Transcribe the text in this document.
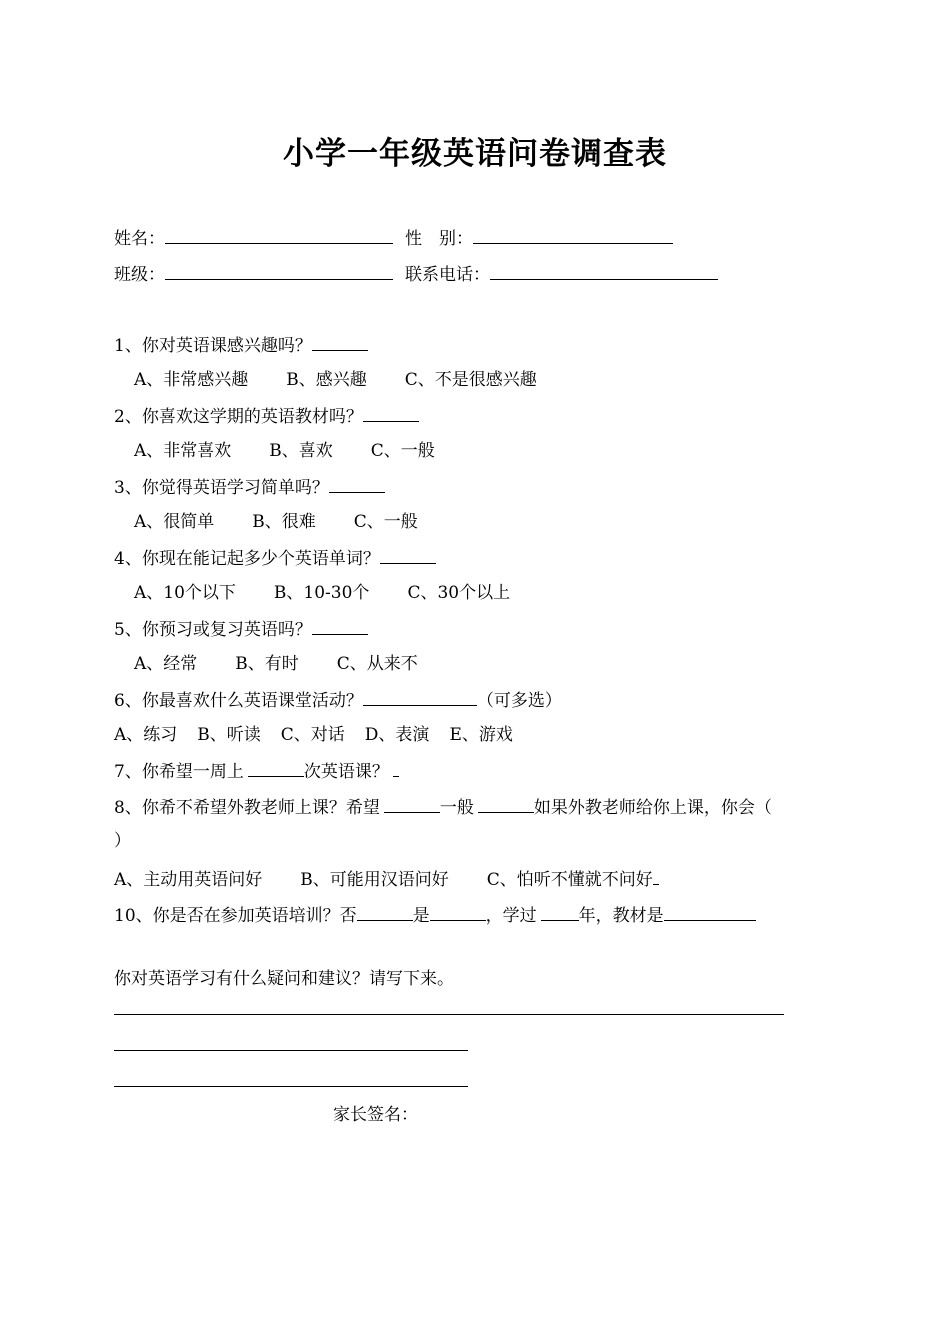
小学一年级英语问卷调查表
姓名：	性　别：
班级：	联系电话：
1、你对英语课感兴趣吗？
A、非常感兴趣 B、感兴趣 C、不是很感兴趣
2、你喜欢这学期的英语教材吗？
A、非常喜欢 B、喜欢 C、一般
3、你觉得英语学习简单吗？
A、很简单 B、很难 C、一般
4、你现在能记起多少个英语单词？
A、10个以下 B、10-30个 C、30个以上
5、你预习或复习英语吗？
A、经常 B、有时 C、从来不
6、你最喜欢什么英语课堂活动？	（可多选）
A、练习 B、听读 C、对话 D、表演 E、游戏
7、你希望一周上	次英语课？
8、你希不希望外教老师上课？希望	一般	如果外教老师给你上课，你会（
）
A、主动用英语问好 B、可能用汉语问好 C、怕听不懂就不问好
10、你是否在参加英语培训？否	是	，学过 年，教材是
你对英语学习有什么疑问和建议？请写下来。
家长签名：
